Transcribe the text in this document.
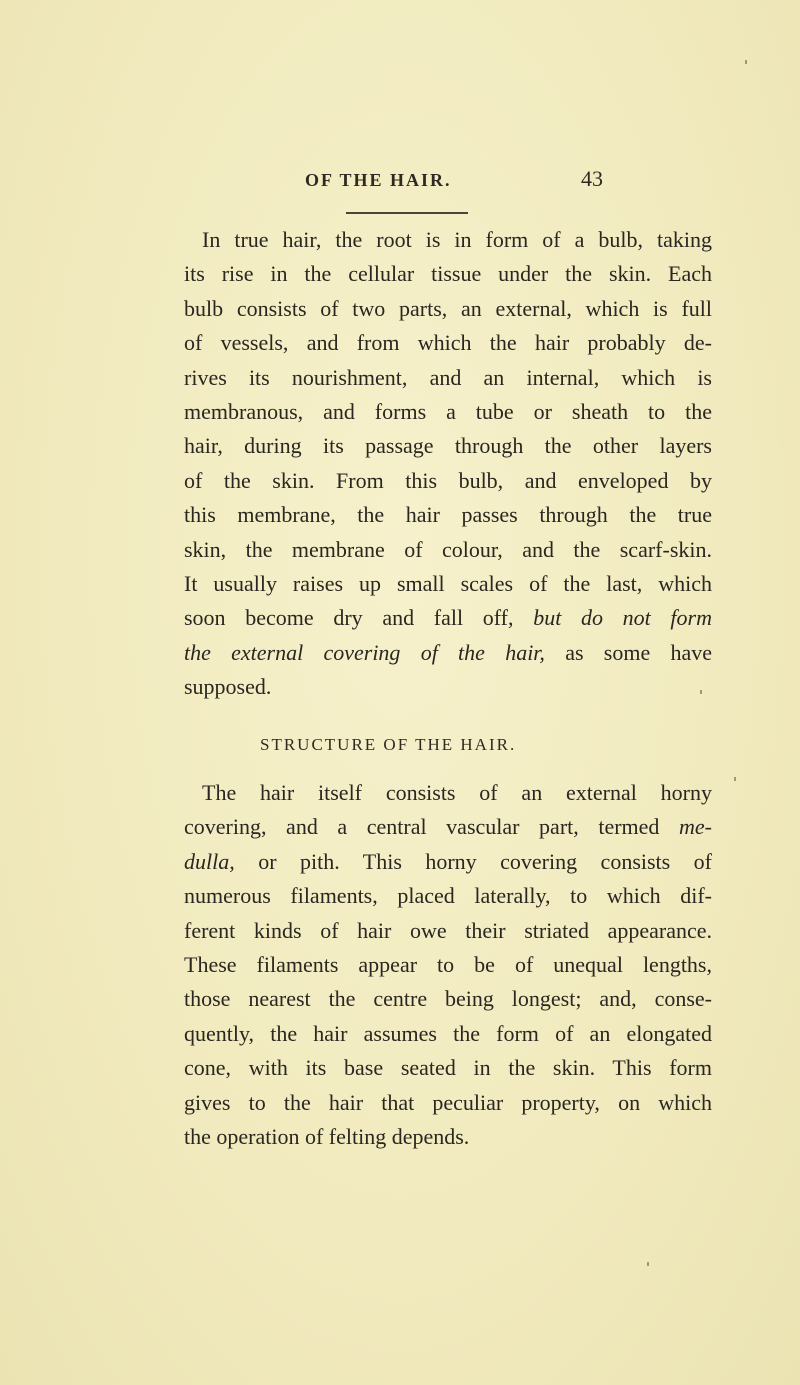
OF THE HAIR.	43
In true hair, the root is in form of a bulb, taking
its rise in the cellular tissue under the skin. Each
bulb consists of two parts, an external, which is full
of vessels, and from which the hair probably de-
rives its nourishment, and an internal, which is
membranous, and forms a tube or sheath to the
hair, during its passage through the other layers
of the skin. From this bulb, and enveloped by
this membrane, the hair passes through the true
skin, the membrane of colour, and the scarf-skin.
It usually raises up small scales of the last, which
soon become dry and fall off, but do not form
the external covering of the hair, as some have
supposed.
STRUCTURE OF THE HAIR.
The hair itself consists of an external horny
covering, and a central vascular part, termed me-
dulla, or pith. This horny covering consists of
numerous filaments, placed laterally, to which dif-
ferent kinds of hair owe their striated appearance.
These filaments appear to be of unequal lengths,
those nearest the centre being longest; and, conse-
quently, the hair assumes the form of an elongated
cone, with its base seated in the skin. This form
gives to the hair that peculiar property, on which
the operation of felting depends.
